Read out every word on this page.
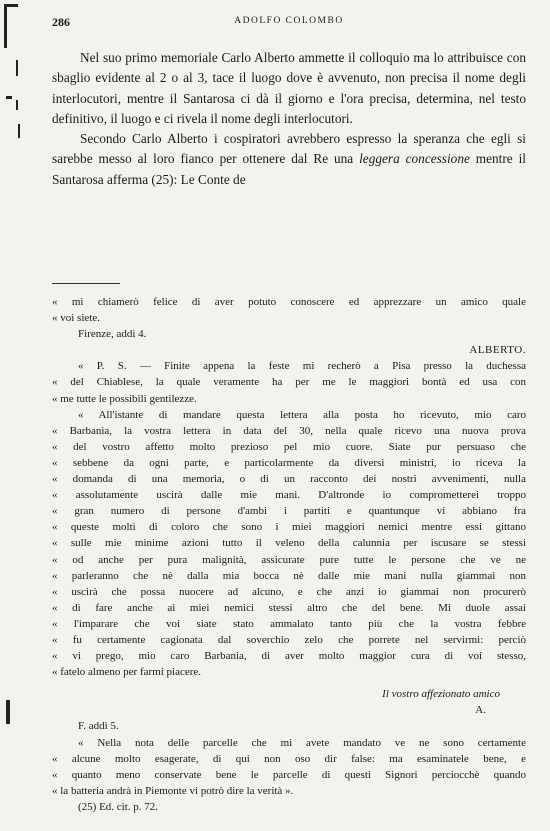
286	ADOLFO COLOMBO

Nel suo primo memoriale Carlo Alberto ammette il colloquio ma lo attribuisce con sbaglio evidente al 2 o al 3, tace il luogo dove è avvenuto, non precisa il nome degli interlocutori, mentre il Santarosa ci dà il giorno e l'ora precisa, determina, nel testo definitivo, il luogo e ci rivela il nome degli interlocutori.

Secondo Carlo Alberto i cospiratori avrebbero espresso la speranza che egli si sarebbe messo al loro fianco per ottenere dal Re una leggera concessione mentre il Santarosa afferma (25): Le Conte de

« mi chiamerò felice di aver potuto conoscere ed apprezzare un amico quale
« voi siete.
Firenze, addì 4.
ALBERTO.
« P. S. — Finite appena la feste mi recherò a Pisa presso la duchessa
« del Chiablese, la quale veramente ha per me le maggiori bontà ed usa con
« me tutte le possibili gentilezze.
« All'istante di mandare questa lettera alla posta ho ricevuto, mio caro
« Barbania, la vostra lettera in data del 30, nella quale ricevo una nuova prova
« del vostro affetto molto prezioso pel mio cuore. Siate pur persuaso che
« sebbene da ogni parte, e particolarmente da diversi ministri, io riceva la
« domanda di una memoria, o di un racconto dei nostri avvenimenti, nulla
« assolutamente uscirà dalle mie mani. D'altronde io comprometterei troppo
« gran numero di persone d'ambi i partiti e quantunque vi abbiano fra
« queste molti di coloro che sono i miei maggiori nemici mentre essi gittano
« sulle mie minime azioni tutto il veleno della calunnia per iscusare se stessi
« od anche per pura malignità, assicurate pure tutte le persone che ve ne
« parleranno che nè dalla mia bocca nè dalle mie mani nulla giammai non
« uscirà che possa nuocere ad alcuno, e che anzi io giammai non procurerò
« di fare anche ai miei nemici stessi altro che del bene. Mi duole assai
« l'imparare che voi siate stato ammalato tanto più che la vostra febbre
« fu certamente cagionata dal soverchio zelo che porrete nel servirmi: perciò
« vi prego, mio caro Barbania, di aver molto maggior cura di voi stesso,
« fatelo almeno per farmi piacere.
Il vostro affezionato amico
A.
F. addì 5.
« Nella nota delle parcelle che mi avete mandato ve ne sono certamente
« alcune molto esagerate, di qui non oso dir false: ma esaminatele bene, e
« quanto meno conservate bene le parcelle di questi Signori perciocchè quando
« la batteria andrà in Piemonte vi potrò dire la verità ».
(25) Ed. cit. p. 72.
